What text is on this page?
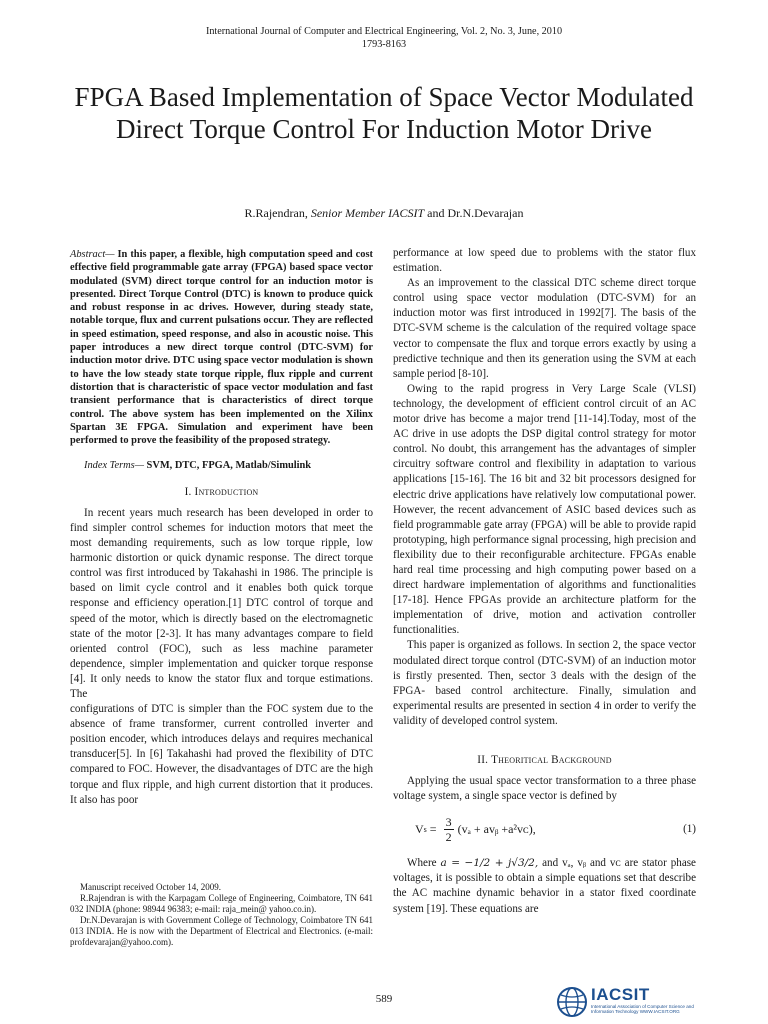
International Journal of Computer and Electrical Engineering, Vol. 2, No. 3, June, 2010
1793-8163
FPGA Based Implementation of Space Vector Modulated Direct Torque Control For Induction Motor Drive
R.Rajendran, Senior Member IACSIT and Dr.N.Devarajan

Abstract— In this paper, a flexible, high computation speed and cost effective field programmable gate array (FPGA) based space vector modulated (SVM) direct torque control for an induction motor is presented. Direct Torque Control (DTC) is known to produce quick and robust response in ac drives. However, during steady state, notable torque, flux and current pulsations occur. They are reflected in speed estimation, speed response, and also in acoustic noise. This paper introduces a new direct torque control (DTC-SVM) for induction motor drive. DTC using space vector modulation is shown to have the low steady state torque ripple, flux ripple and current distortion that is characteristic of space vector modulation and fast transient performance that is characteristics of direct torque control. The above system has been implemented on the Xilinx Spartan 3E FPGA. Simulation and experiment have been performed to prove the feasibility of the proposed strategy.

Index Terms— SVM, DTC, FPGA, Matlab/Simulink

I. Introduction

In recent years much research has been developed in order to find simpler control schemes for induction motors that meet the most demanding requirements, such as low torque ripple, low harmonic distortion or quick dynamic response. The direct torque control was first introduced by Takahashi in 1986. The principle is based on limit cycle control and it enables both quick torque response and efficiency operation.[1] DTC control of torque and speed of the motor, which is directly based on the electromagnetic state of the motor [2-3]. It has many advantages compare to field oriented control (FOC), such as less machine parameter dependence, simpler implementation and quicker torque response [4]. It only needs to know the stator flux and torque estimations. The

configurations of DTC is simpler than the FOC system due to the absence of frame transformer, current controlled inverter and position encoder, which introduces delays and requires mechanical transducer[5]. In [6] Takahashi had proved the flexibility of DTC compared to FOC. However, the disadvantages of DTC are the high torque and flux ripple, and high current distortion that it produces. It also has poor

Manuscript received October 14, 2009.

R.Rajendran is with the Karpagam College of Engineering, Coimbatore, TN 641 032 INDIA (phone: 98944 96383; e-mail: raja_mein@ yahoo.co.in).

Dr.N.Devarajan is with Government College of Technology, Coimbatore TN 641 013 INDIA. He is now with the Department of Electrical and Electronics. (e-mail: profdevarajan@yahoo.com).

performance at low speed due to problems with the stator flux estimation.

As an improvement to the classical DTC scheme direct torque control using space vector modulation (DTC-SVM) for an induction motor was first introduced in 1992[7]. The basis of the DTC-SVM scheme is the calculation of the required voltage space vector to compensate the flux and torque errors exactly by using a predictive technique and then its generation using the SVM at each sample period [8-10].

Owing to the rapid progress in Very Large Scale (VLSI) technology, the development of efficient control circuit of an AC motor drive has become a major trend [11-14].Today, most of the AC drive in use adopts the DSP digital control strategy for motor control. No doubt, this arrangement has the advantages of simpler circuitry software control and flexibility in adaptation to various applications [15-16]. The 16 bit and 32 bit processors designed for electric drive applications have relatively low computational power. However, the recent advancement of ASIC based devices such as field programmable gate array (FPGA) will be able to provide rapid prototyping, high performance signal processing, high precision and flexibility due to their reconfigurable architecture. FPGAs enable hard real time processing and high computing power based on a direct hardware implementation of algorithms and functionalities [17-18]. Hence FPGAs provide an architecture platform for the implementation of drive, motion and activation controller functionalities.

This paper is organized as follows. In section 2, the space vector modulated direct torque control (DTC-SVM) of an induction motor is firstly presented. Then, sector 3 deals with the design of the FPGA- based control architecture. Finally, simulation and experimental results are presented in section 4 in order to verify the validity of developed control system.

II. Theoritical Background

Applying the usual space vector transformation to a three phase voltage system, a single space vector is defined by

V $s = \frac{3}{2} (v_a$ + avᵦ +a²vᴄ),	(1)

Where a = −1/2 + j√3/2, and vₐ, vᵦ and vᴄ are stator phase voltages, it is possible to obtain a simple equations set that describe the AC machine dynamic behavior in a stator fixed coordinate system [19]. These equations are

589	IACSIT
International Association of Computer Science and Information Technology WWW.IACSIT.ORG
